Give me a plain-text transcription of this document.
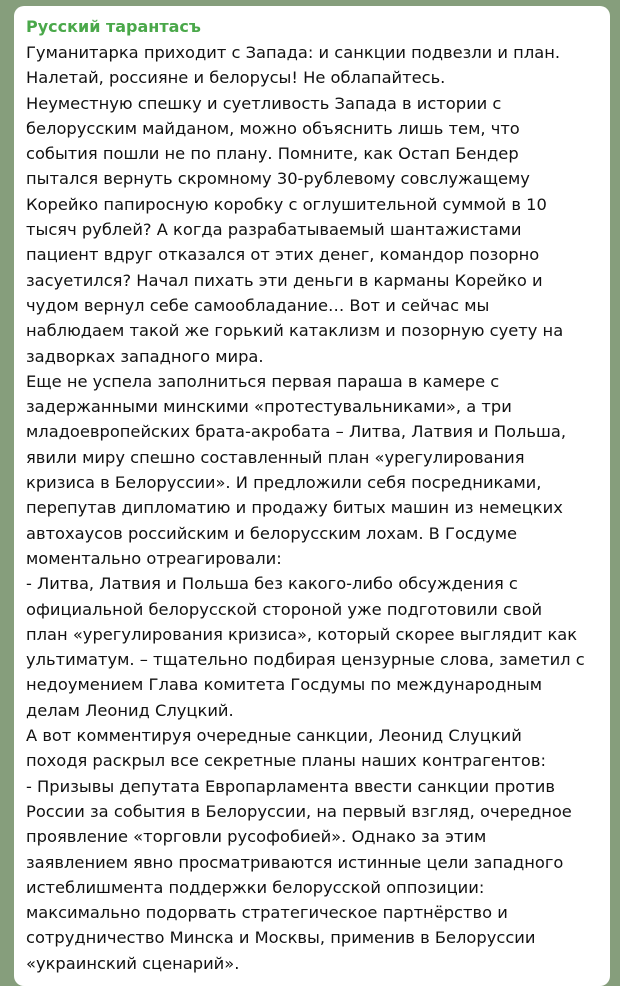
Русский тарантасъ

Гуманитарка приходит с Запада: и санкции подвезли и план.

Налетай, россияне и белорусы! Не облапайтесь.

Неуместную спешку и суетливость Запада в истории с

белорусским майданом, можно объяснить лишь тем, что

события пошли не по плану. Помните, как Остап Бендер

пытался вернуть скромному 30-рублевому совслужащему

Корейко папиросную коробку с оглушительной суммой в 10

тысяч рублей? А когда разрабатываемый шантажистами

пациент вдруг отказался от этих денег, командор позорно

засуетился? Начал пихать эти деньги в карманы Корейко и

чудом вернул себе самообладание… Вот и сейчас мы

наблюдаем такой же горький катаклизм и позорную суету на

задворках западного мира.

Еще не успела заполниться первая параша в камере с

задержанными минскими «протестувальниками», а три

младоевропейских брата-акробата – Литва, Латвия и Польша,

явили миру спешно составленный план «урегулирования

кризиса в Белоруссии». И предложили себя посредниками,

перепутав дипломатию и продажу битых машин из немецких

автохаусов российским и белорусским лохам. В Госдуме

моментально отреагировали:

- Литва, Латвия и Польша без какого-либо обсуждения с

официальной белорусской стороной уже подготовили свой

план «урегулирования кризиса», который скорее выглядит как

ультиматум. – тщательно подбирая цензурные слова, заметил с

недоумением Глава комитета Госдумы по международным

делам Леонид Слуцкий.

А вот комментируя очередные санкции, Леонид Слуцкий

походя раскрыл все секретные планы наших контрагентов:

- Призывы депутата Европарламента ввести санкции против

России за события в Белоруссии, на первый взгляд, очередное

проявление «торговли русофобией». Однако за этим

заявлением явно просматриваются истинные цели западного

истеблишмента поддержки белорусской оппозиции:

максимально подорвать стратегическое партнёрство и

сотрудничество Минска и Москвы, применив в Белоруссии

«украинский сценарий».
